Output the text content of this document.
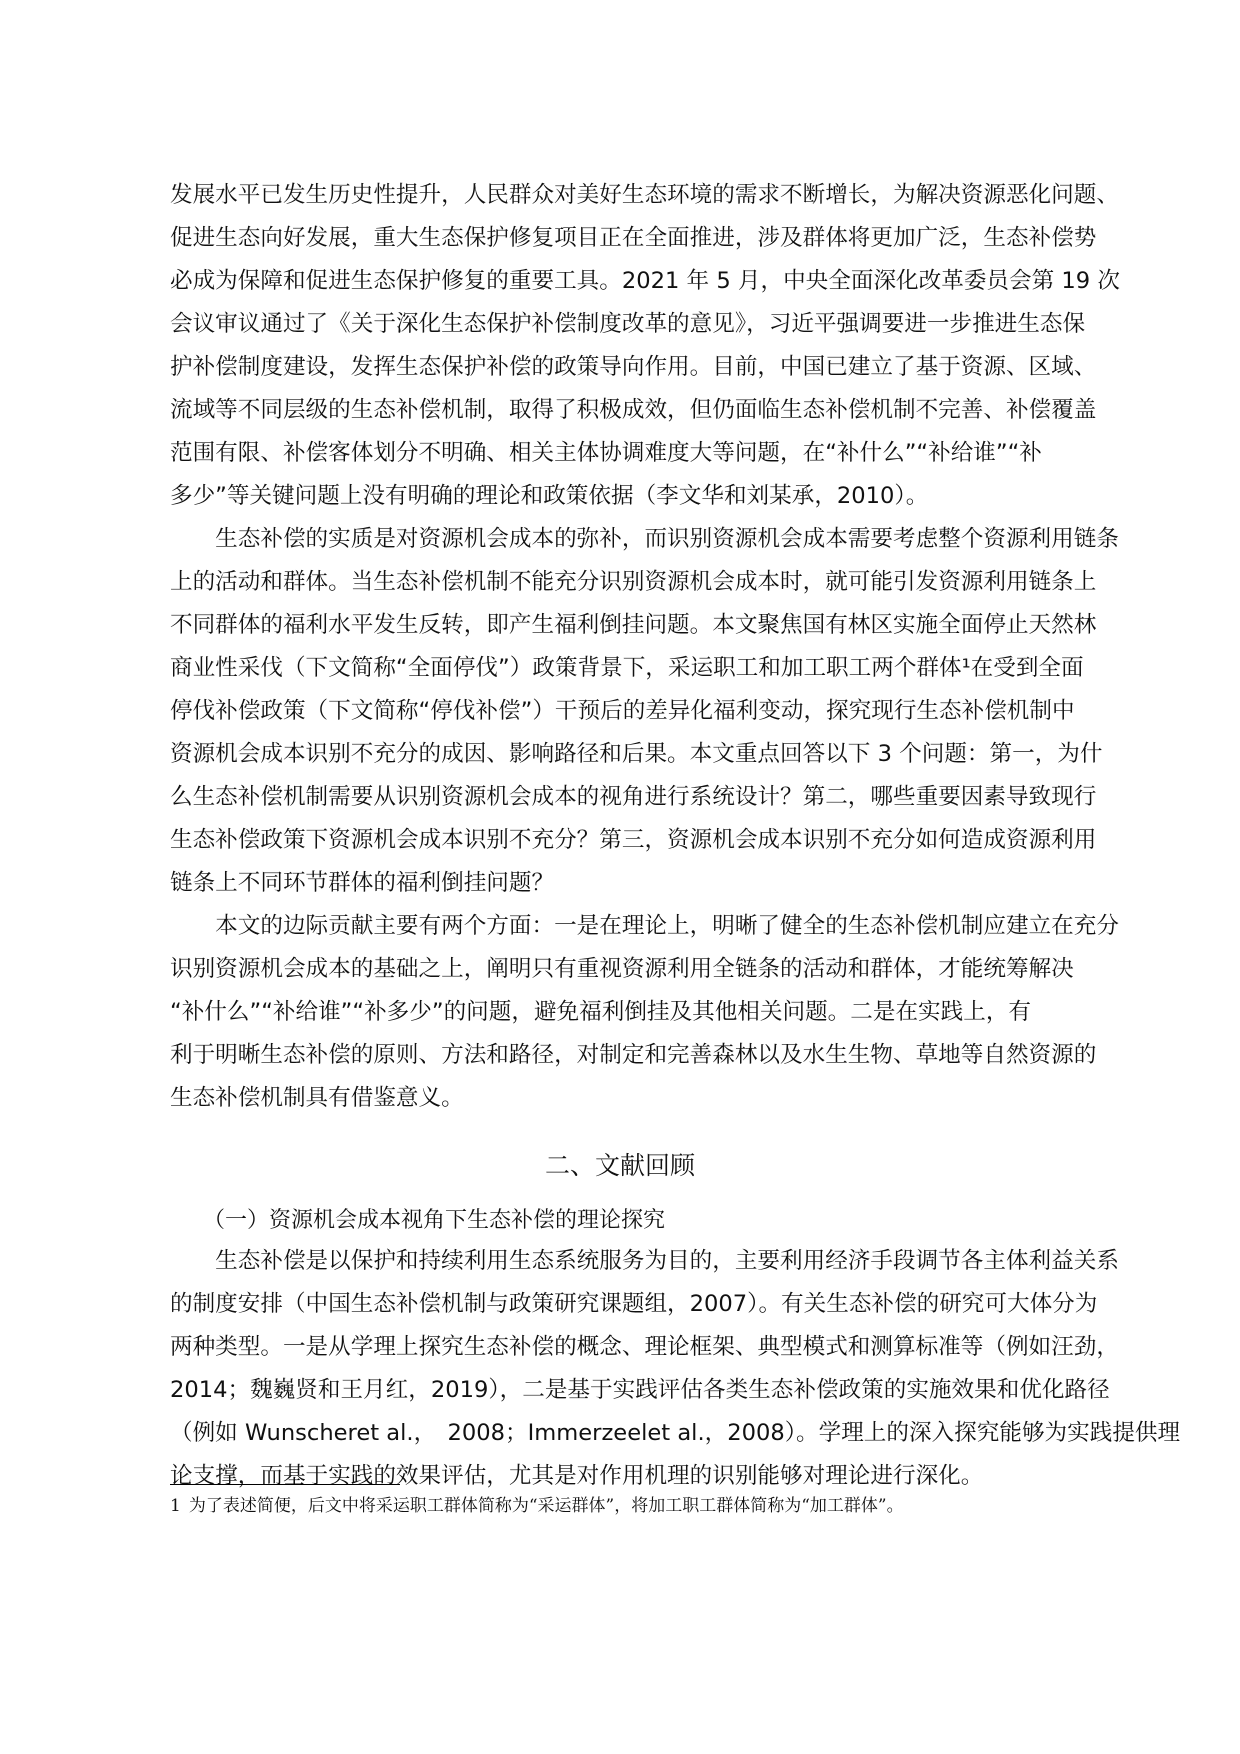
发展水平已发生历史性提升，人民群众对美好生态环境的需求不断增长，为解决资源恶化问题、
促进生态向好发展，重大生态保护修复项目正在全面推进，涉及群体将更加广泛，生态补偿势
必成为保障和促进生态保护修复的重要工具。2021 年 5 月，中央全面深化改革委员会第 19 次
会议审议通过了《关于深化生态保护补偿制度改革的意见》，习近平强调要进一步推进生态保
护补偿制度建设，发挥生态保护补偿的政策导向作用。目前，中国已建立了基于资源、区域、
流域等不同层级的生态补偿机制，取得了积极成效，但仍面临生态补偿机制不完善、补偿覆盖
范围有限、补偿客体划分不明确、相关主体协调难度大等问题，在“补什么”“补给谁”“补
多少”等关键问题上没有明确的理论和政策依据（李文华和刘某承，2010）。
　　生态补偿的实质是对资源机会成本的弥补，而识别资源机会成本需要考虑整个资源利用链条
上的活动和群体。当生态补偿机制不能充分识别资源机会成本时，就可能引发资源利用链条上
不同群体的福利水平发生反转，即产生福利倒挂问题。本文聚焦国有林区实施全面停止天然林
商业性采伐（下文简称“全面停伐”）政策背景下，采运职工和加工职工两个群体¹在受到全面
停伐补偿政策（下文简称“停伐补偿”）干预后的差异化福利变动，探究现行生态补偿机制中
资源机会成本识别不充分的成因、影响路径和后果。本文重点回答以下 3 个问题：第一，为什
么生态补偿机制需要从识别资源机会成本的视角进行系统设计？第二，哪些重要因素导致现行
生态补偿政策下资源机会成本识别不充分？第三，资源机会成本识别不充分如何造成资源利用
链条上不同环节群体的福利倒挂问题？
　　本文的边际贡献主要有两个方面：一是在理论上，明晰了健全的生态补偿机制应建立在充分
识别资源机会成本的基础之上，阐明只有重视资源利用全链条的活动和群体，才能统筹解决
“补什么”“补给谁”“补多少”的问题，避免福利倒挂及其他相关问题。二是在实践上，有
利于明晰生态补偿的原则、方法和路径，对制定和完善森林以及水生生物、草地等自然资源的
生态补偿机制具有借鉴意义。
二、文献回顾
　　（一）资源机会成本视角下生态补偿的理论探究
　　生态补偿是以保护和持续利用生态系统服务为目的，主要利用经济手段调节各主体利益关系
的制度安排（中国生态补偿机制与政策研究课题组，2007）。有关生态补偿的研究可大体分为
两种类型。一是从学理上探究生态补偿的概念、理论框架、典型模式和测算标准等（例如汪劲，
2014；魏巍贤和王月红，2019），二是基于实践评估各类生态补偿政策的实施效果和优化路径
（例如 Wunscheret al.，　2008；Immerzeelet al.，2008）。学理上的深入探究能够为实践提供理
论支撑，而基于实践的效果评估，尤其是对作用机理的识别能够对理论进行深化。
1 为了表述简便，后文中将采运职工群体简称为“采运群体”，将加工职工群体简称为“加工群体”。
